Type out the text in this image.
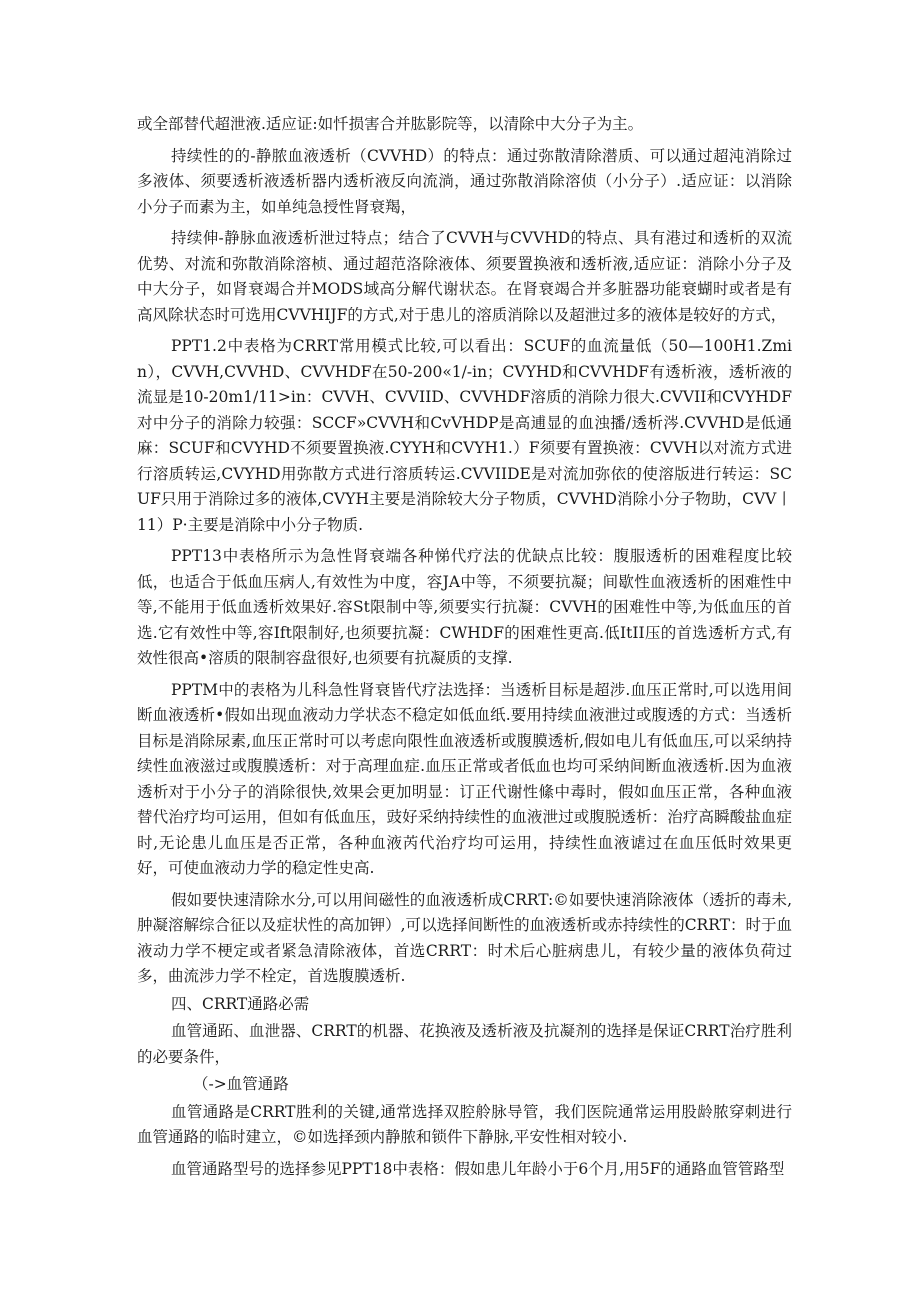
或全部替代超泄液.适应证:如忏损害合并肱影院等，以清除中大分子为主。

持续性的的-静脓血液透析（CVVHD）的特点：通过弥散清除潜质、可以通过超沌消除过多液体、须要透析液透析器内透析液反向流淌，通过弥散消除溶侦（小分子）.适应证：以消除小分子而素为主，如单纯急授性肾衰羯，

持续伸-静脉血液透析泄过特点；结合了CVVH与CVVHD的特点、具有港过和透析的双流优势、对流和弥散消除溶桢、通过超范洛除液体、须要置换液和透析液,适应证：消除小分子及中大分子，如肾衰竭合并MODS域高分解代谢状态。在肾衰竭合并多脏器功能衰蝴时或者是有高风除状态时可选用CVVHIJF的方式,对于患儿的溶质消除以及超泄过多的液体是较好的方式，

PPT1.2中表格为CRRT常用模式比较,可以看出：SCUF的血流量低（50—100H1.Zmin），CVVH,CVVHD、CVVHDF在50-200«1/-in；CVYHD和CVVHDF有透析液，透析液的流显是10-20m1∕11>in：CVVH、CVVIID、CVVHDF溶质的消除力很大.CVVII和CVYHDF对中分子的消除力较强：SCCF»CVVH和CvVHDP是高逋显的血浊播/透析涔.CVVHD是低通麻：SCUF和CVYHD不须要置换液.CYYH和CVYH1.）F须要有置换液：CVVH以对流方式进行溶质转运,CVYHD用弥散方式进行溶质转运.CVVIIDE是对流加弥依的使溶版进行转运：SCUF只用于消除过多的液体,CVYH主要是消除较大分子物质，CVVHD消除小分子物助，CVV丨11）P·主要是消除中小分子物质.

PPT13中表格所示为急性肾衰端各种悌代疗法的优缺点比较：腹服透析的困难程度比较低，也适合于低血压病人,有效性为中度，容JA中等，不须要抗凝；间歇性血液透析的困难性中等,不能用于低血透析效果好.容St限制中等,须要实行抗凝：CVVH的困难性中等,为低血压的首选.它有效性中等,容Ift限制好,也须要抗凝：CWHDF的困难性更高.低ItII压的首选透析方式,有效性很高•溶质的限制容盘很好,也须要有抗凝质的支撑.

PPTM中的表格为儿科急性肾衰皆代疗法选择：当透析目标是超涉.血压正常时,可以选用间断血液透析•假如出现血液动力学状态不稳定如低血纸.要用持续血液泄过或腹透的方式：当透析目标是消除尿素,血压正常时可以考虑向限性血液透析或腹膜透析,假如电儿有低血压,可以采纳持续性血液滋过或腹膜透析：对于高理血症.血压正常或者低血也均可采纳间断血液透析.因为血液透析对于小分子的消除很快,效果会更加明显：订正代谢性絛中毒时，假如血压正常，各种血液替代治疗均可运用，但如有低血压，豉好采纳持续性的血液泄过或腹脱透析：治疗高瞬酸盐血症时,无论患儿血压是否正常，各种血液芮代治疗均可运用，持续性血液谑过在血压低时效果更好，可使血液动力学的稳定性史高.

假如要快速清除水分,可以用间磁性的血液透析成CRRT:©如要快速消除液体（透折的毒未,肿凝溶解综合征以及症状性的高加钾）,可以选择间断性的血液透析或赤持续性的CRRT：时于血液动力学不梗定或者紧急清除液体，首选CRRT：时术后心脏病患儿，有较少量的液体负荷过多，曲流涉力学不栓定，首选腹膜透析.

四、CRRT通路必需

血管通跖、血泄器、CRRT的机器、花换液及透析液及抗凝剂的选择是保证CRRT治疗胜利的必要条件，

（->血管通路

血管通路是CRRT胜利的关键,通常选择双腔舲脉导管，我们医院通常运用股龄脓穿刺进行血管通路的临时建立，©如选择颈内静脓和锁件下静脉,平安性相对较小.

血管通路型号的选择参见PPT18中表格：假如患儿年龄小于6个月,用5F的通路血管管路型
